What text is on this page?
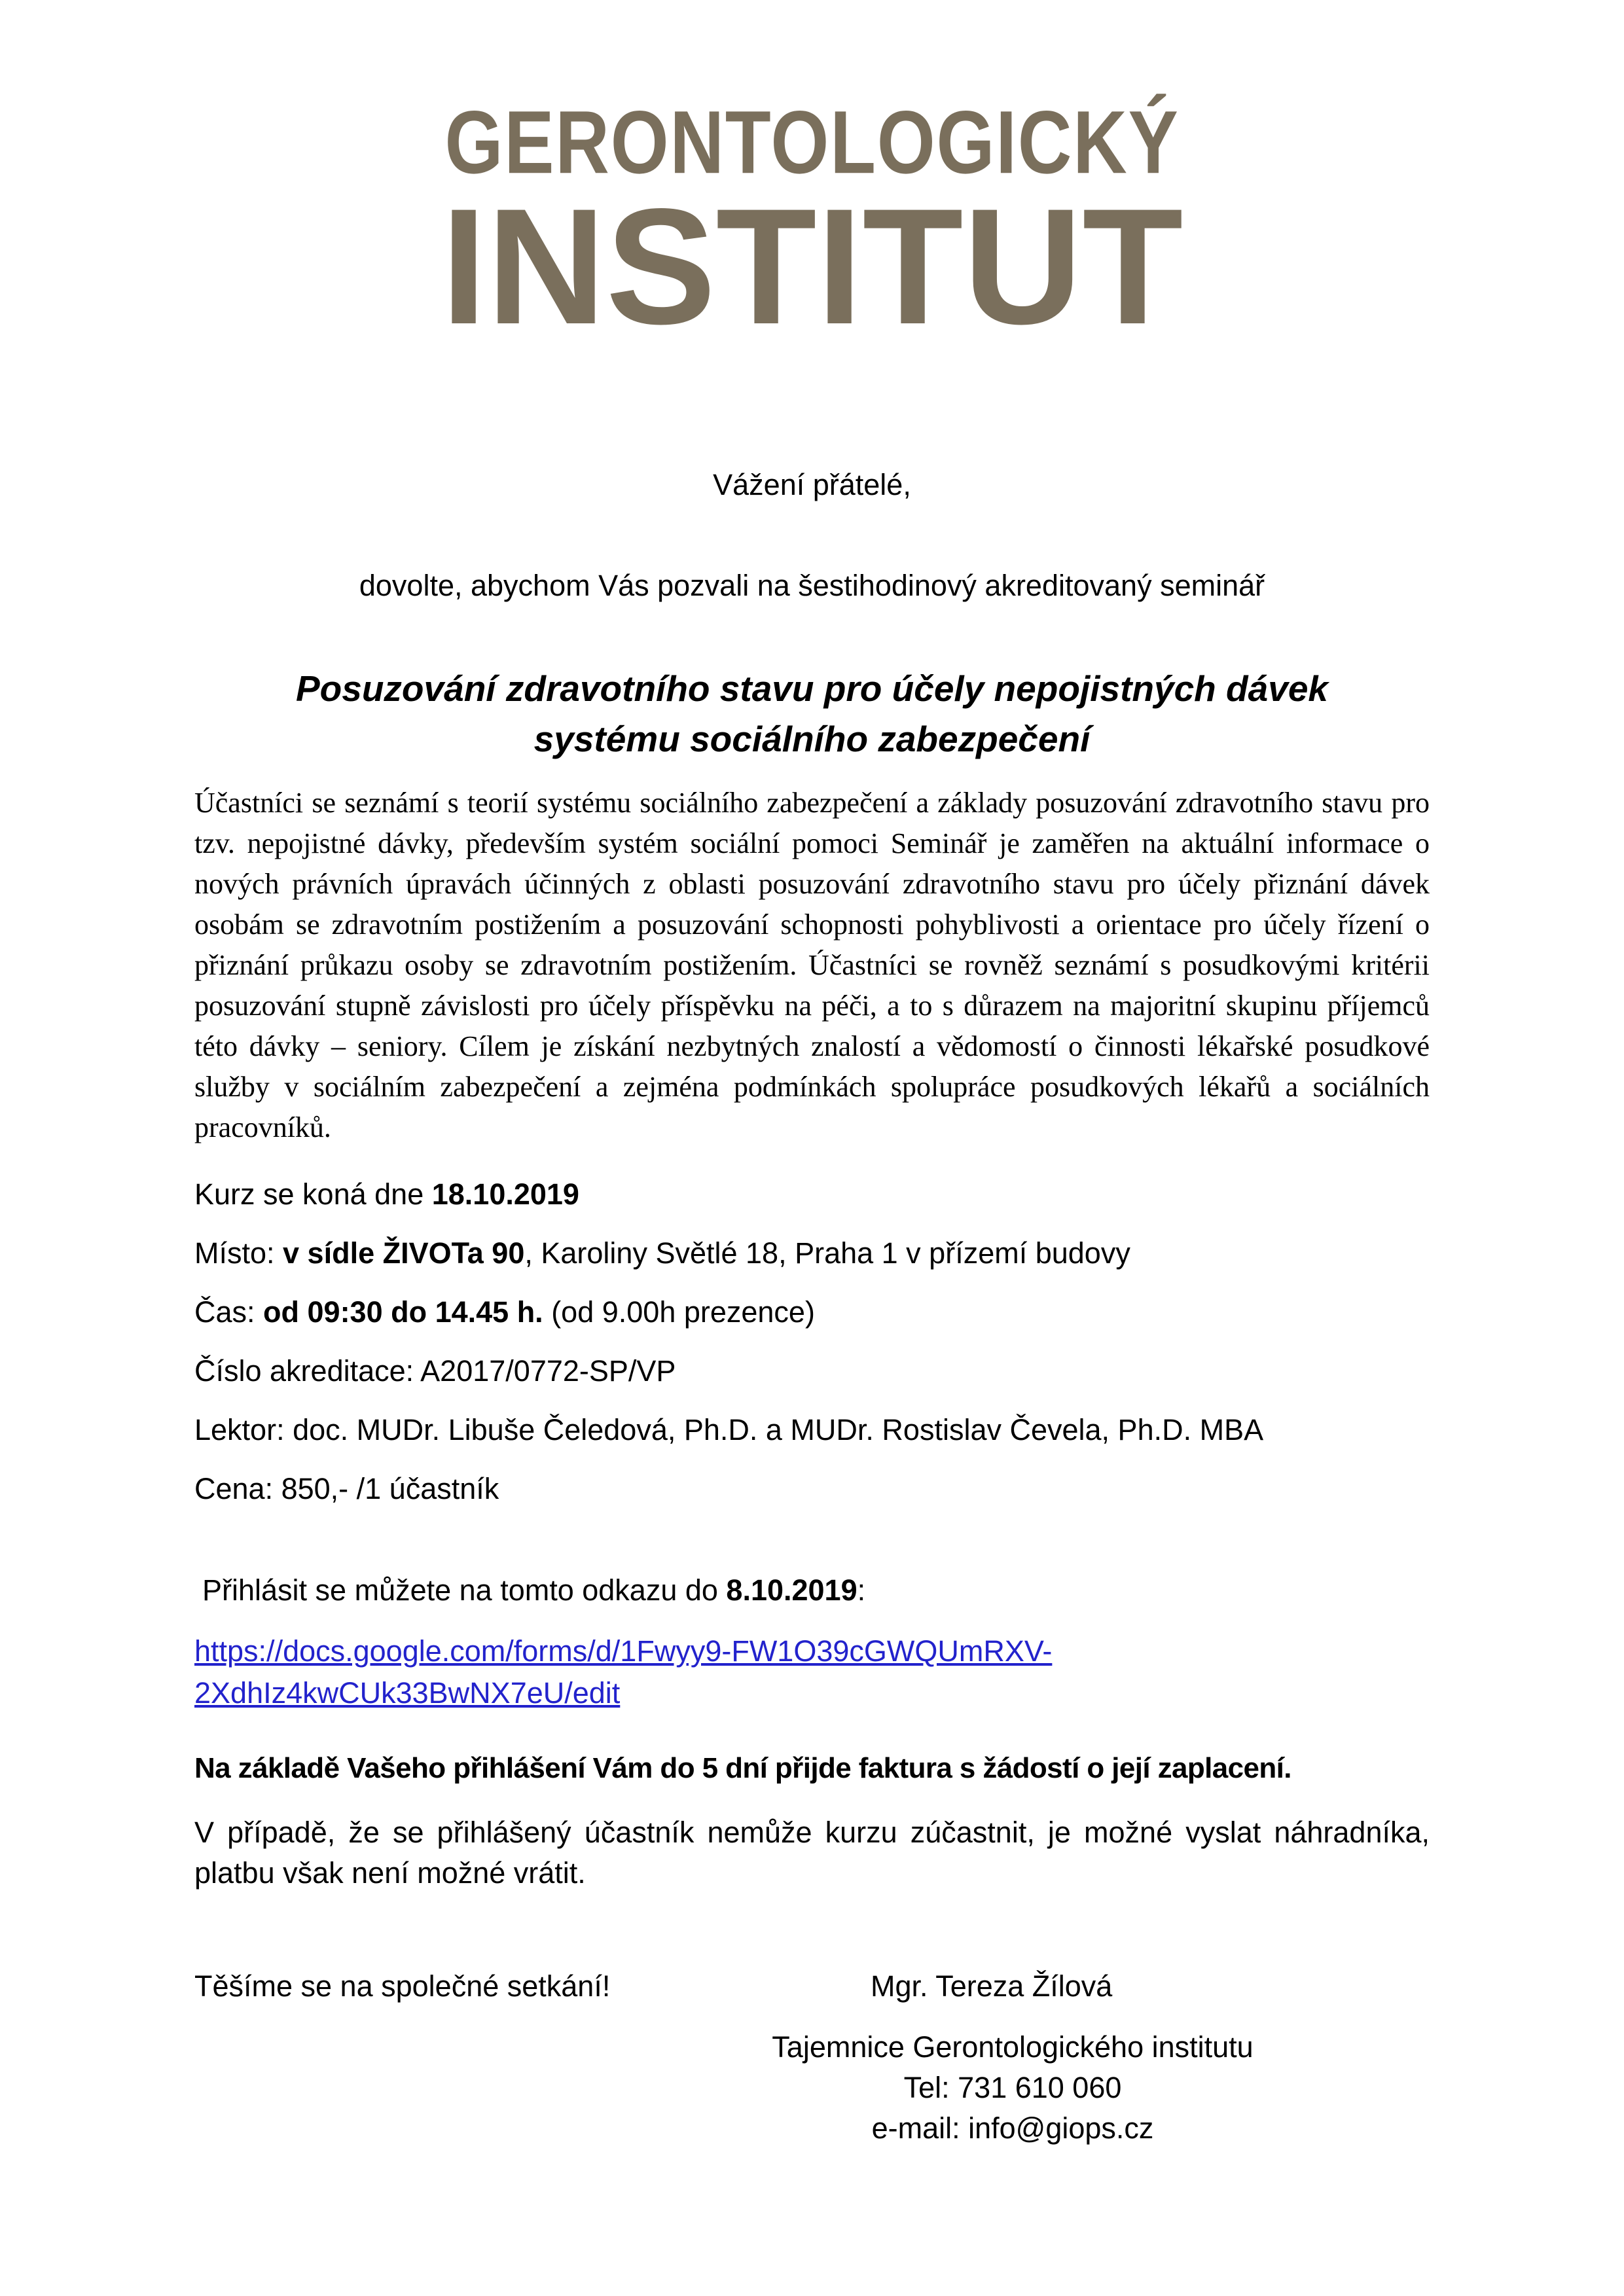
GERONTOLOGICKÝ
INSTITUT
Vážení přátelé,
dovolte, abychom Vás pozvali na šestihodinový akreditovaný seminář
Posuzování zdravotního stavu pro účely nepojistných dávek
systému sociálního zabezpečení
Účastníci se seznámí s teorií systému sociálního zabezpečení a základy posuzování zdravotního stavu pro tzv. nepojistné dávky, především systém sociální pomoci Seminář je zaměřen na aktuální informace o nových právních úpravách účinných z oblasti posuzování zdravotního stavu pro účely přiznání dávek osobám se zdravotním postižením a posuzování schopnosti pohyblivosti a orientace pro účely řízení o přiznání průkazu osoby se zdravotním postižením. Účastníci se rovněž seznámí s posudkovými kritérii posuzování stupně závislosti pro účely příspěvku na péči, a to s důrazem na majoritní skupinu příjemců této dávky – seniory. Cílem je získání nezbytných znalostí a vědomostí o činnosti lékařské posudkové služby v sociálním zabezpečení a zejména podmínkách spolupráce posudkových lékařů a sociálních pracovníků.
Kurz se koná dne 18.10.2019
Místo: v sídle ŽIVOTa 90, Karoliny Světlé 18, Praha 1 v přízemí budovy
Čas: od 09:30 do 14.45 h. (od 9.00h prezence)
Číslo akreditace: A2017/0772-SP/VP
Lektor: doc. MUDr. Libuše Čeledová, Ph.D. a MUDr. Rostislav Čevela, Ph.D. MBA
Cena: 850,- /1 účastník
Přihlásit se můžete na tomto odkazu do 8.10.2019:
https://docs.google.com/forms/d/1Fwyy9-FW1O39cGWQUmRXV-
2XdhIz4kwCUk33BwNX7eU/edit
Na základě Vašeho přihlášení Vám do 5 dní přijde faktura s žádostí o její zaplacení.
V případě, že se přihlášený účastník nemůže kurzu zúčastnit, je možné vyslat náhradníka, platbu však není možné vrátit.
Těšíme se na společné setkání!	Mgr. Tereza Žílová
Tajemnice Gerontologického institutu
Tel: 731 610 060
e-mail: info@giops.cz
